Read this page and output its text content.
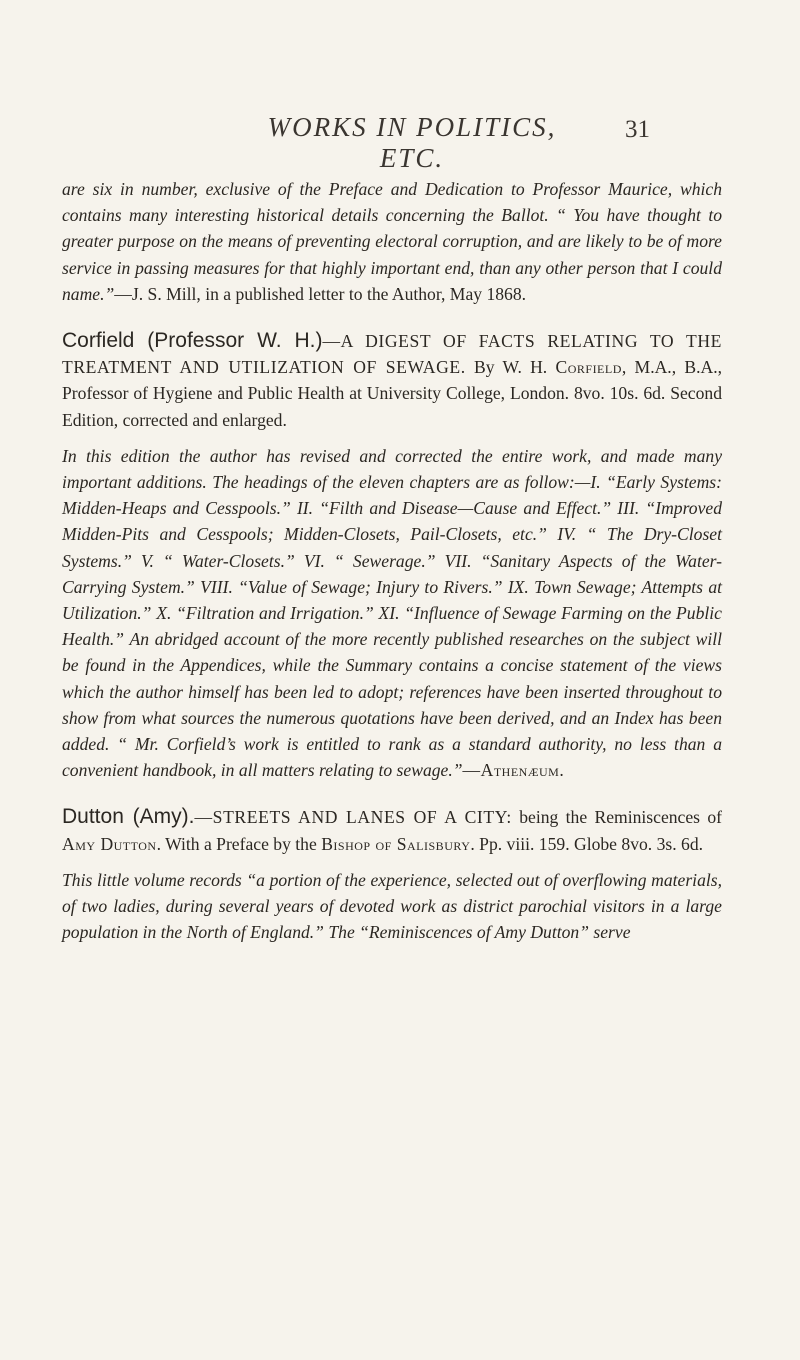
WORKS IN POLITICS, ETC.
31

are six in number, exclusive of the Preface and Dedication to Professor Maurice, which contains many interesting historical details concerning the Ballot. “ You have thought to greater purpose on the means of preventing electoral corruption, and are likely to be of more service in passing measures for that highly important end, than any other person that I could name.”—J. S. Mill, in a published letter to the Author, May 1868.

Corfield (Professor W. H.)—A DIGEST OF FACTS RELATING TO THE TREATMENT AND UTILIZATION OF SEWAGE. By W. H. Corfield, M.A., B.A., Professor of Hygiene and Public Health at University College, London. 8vo. 10s. 6d. Second Edition, corrected and enlarged.

In this edition the author has revised and corrected the entire work, and made many important additions. The headings of the eleven chapters are as follow:—I. “Early Systems: Midden-Heaps and Cesspools.” II. “Filth and Disease—Cause and Effect.” III. “Improved Midden-Pits and Cesspools; Midden-Closets, Pail-Closets, etc.” IV. “ The Dry-Closet Systems.” V. “ Water-Closets.” VI. “ Sewerage.” VII. “Sanitary Aspects of the Water-Carrying System.” VIII. “Value of Sewage; Injury to Rivers.” IX. Town Sewage; Attempts at Utilization.” X. “Filtration and Irrigation.” XI. “Influence of Sewage Farming on the Public Health.” An abridged account of the more recently published researches on the subject will be found in the Appendices, while the Summary contains a concise statement of the views which the author himself has been led to adopt; references have been inserted throughout to show from what sources the numerous quotations have been derived, and an Index has been added. “ Mr. Corfield’s work is entitled to rank as a standard authority, no less than a convenient handbook, in all matters relating to sewage.”—Athenæum.

Dutton (Amy).—STREETS AND LANES OF A CITY: being the Reminiscences of Amy Dutton. With a Preface by the Bishop of Salisbury. Pp. viii. 159. Globe 8vo. 3s. 6d.

This little volume records “a portion of the experience, selected out of overflowing materials, of two ladies, during several years of devoted work as district parochial visitors in a large population in the North of England.” The “Reminiscences of Amy Dutton” serve
